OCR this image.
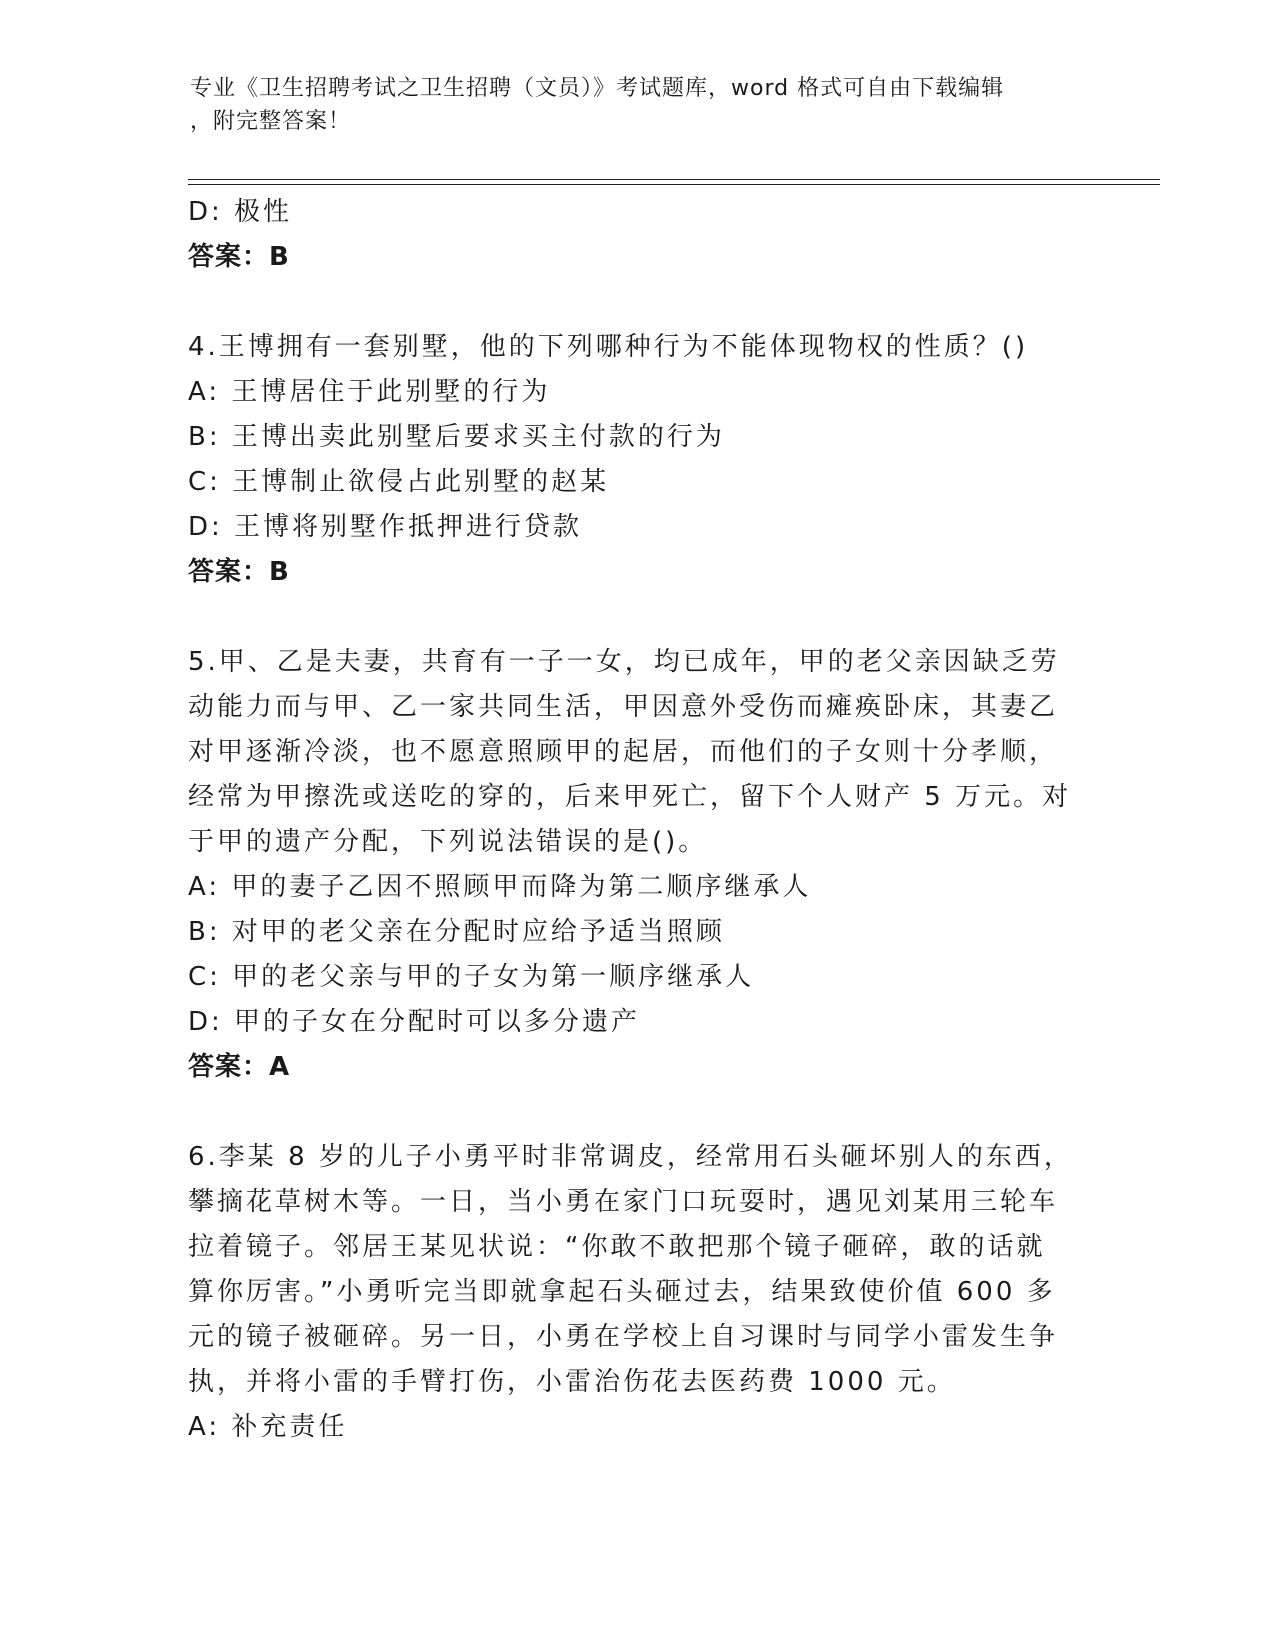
专业《卫生招聘考试之卫生招聘（文员）》考试题库，word 格式可自由下载编辑
，附完整答案！
D: 极性
答案：B
4.王博拥有一套别墅，他的下列哪种行为不能体现物权的性质？()
A: 王博居住于此别墅的行为
B: 王博出卖此别墅后要求买主付款的行为
C: 王博制止欲侵占此别墅的赵某
D: 王博将别墅作抵押进行贷款
答案：B
5.甲、乙是夫妻，共育有一子一女，均已成年，甲的老父亲因缺乏劳
动能力而与甲、乙一家共同生活，甲因意外受伤而瘫痪卧床，其妻乙
对甲逐渐冷淡，也不愿意照顾甲的起居，而他们的子女则十分孝顺，
经常为甲擦洗或送吃的穿的，后来甲死亡，留下个人财产 5 万元。对
于甲的遗产分配，下列说法错误的是()。
A: 甲的妻子乙因不照顾甲而降为第二顺序继承人
B: 对甲的老父亲在分配时应给予适当照顾
C: 甲的老父亲与甲的子女为第一顺序继承人
D: 甲的子女在分配时可以多分遗产
答案：A
6.李某 8 岁的儿子小勇平时非常调皮，经常用石头砸坏别人的东西，
攀摘花草树木等。一日，当小勇在家门口玩耍时，遇见刘某用三轮车
拉着镜子。邻居王某见状说：“你敢不敢把那个镜子砸碎，敢的话就
算你厉害。”小勇听完当即就拿起石头砸过去，结果致使价值 600 多
元的镜子被砸碎。另一日，小勇在学校上自习课时与同学小雷发生争
执，并将小雷的手臂打伤，小雷治伤花去医药费 1000 元。
A: 补充责任
